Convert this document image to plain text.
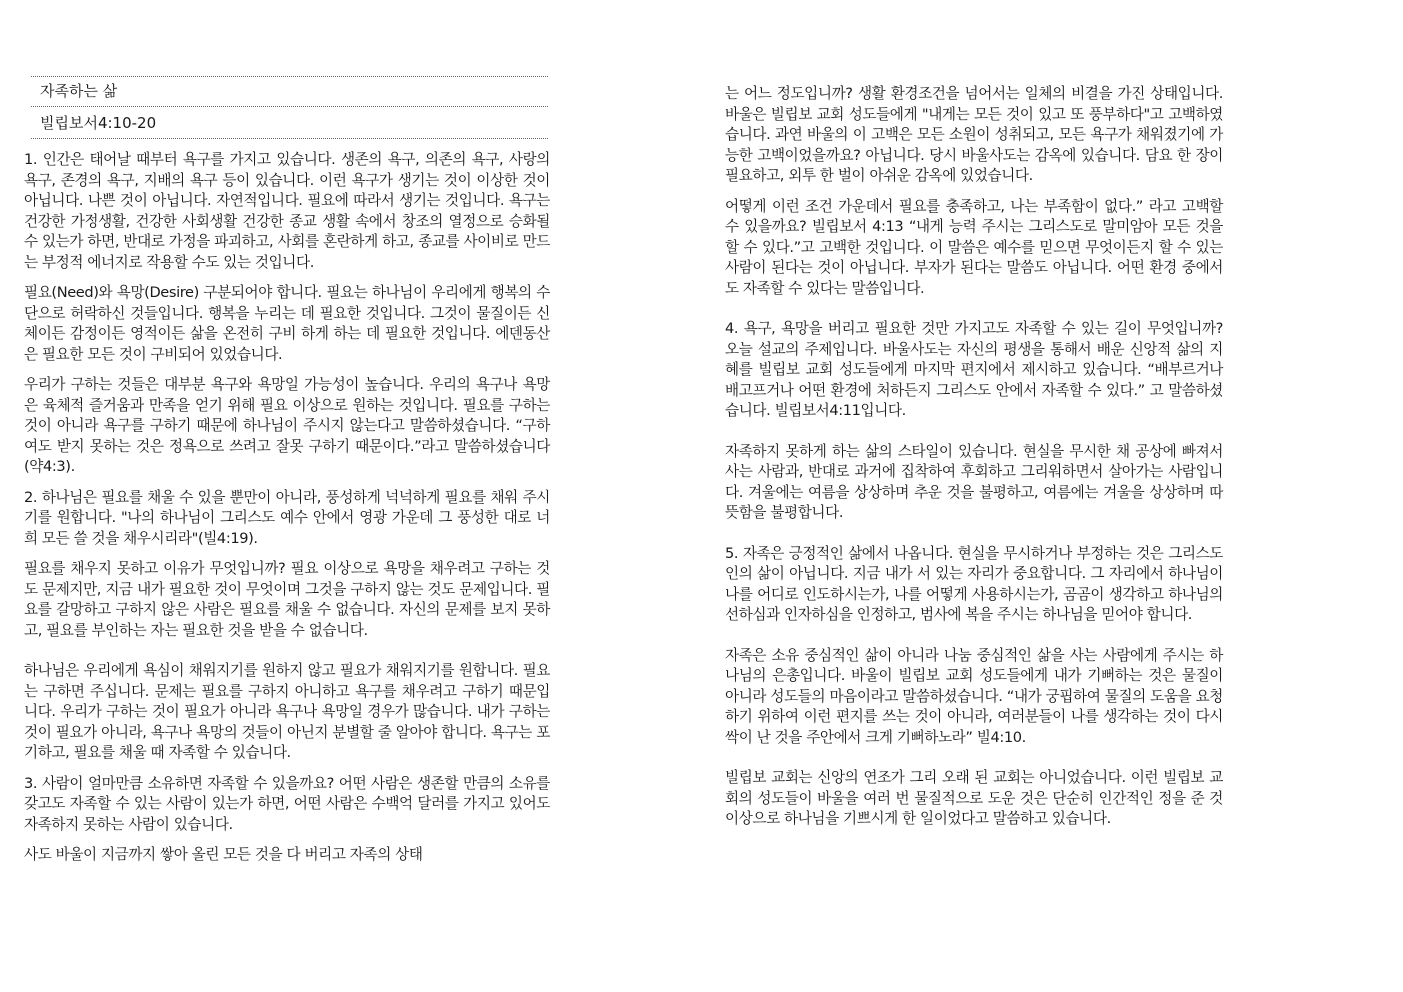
자족하는 삶
빌립보서4:10-20

1. 인간은 태어날 때부터 욕구를 가지고 있습니다. 생존의 욕구, 의존의 욕구, 사랑의 욕구, 존경의 욕구, 지배의 욕구 등이 있습니다. 이런 욕구가 생기는 것이 이상한 것이 아닙니다. 나쁜 것이 아닙니다. 자연적입니다. 필요에 따라서 생기는 것입니다. 욕구는 건강한 가정생활, 건강한 사회생활 건강한 종교 생활 속에서 창조의 열정으로 승화될 수 있는가 하면, 반대로 가정을 파괴하고, 사회를 혼란하게 하고, 종교를 사이비로 만드는 부정적 에너지로 작용할 수도 있는 것입니다.

필요(Need)와 욕망(Desire) 구분되어야 합니다. 필요는 하나님이 우리에게 행복의 수단으로 허락하신 것들입니다. 행복을 누리는 데 필요한 것입니다. 그것이 물질이든 신체이든 감정이든 영적이든 삶을 온전히 구비 하게 하는 데 필요한 것입니다. 에덴동산은 필요한 모든 것이 구비되어 있었습니다.

우리가 구하는 것들은 대부분 욕구와 욕망일 가능성이 높습니다. 우리의 욕구나 욕망은 육체적 즐거움과 만족을 얻기 위해 필요 이상으로 원하는 것입니다. 필요를 구하는 것이 아니라 욕구를 구하기 때문에 하나님이 주시지 않는다고 말씀하셨습니다. “구하여도 받지 못하는 것은 정욕으로 쓰려고 잘못 구하기 때문이다.”라고 말씀하셨습니다(약4:3).

2. 하나님은 필요를 채울 수 있을 뿐만이 아니라, 풍성하게 넉넉하게 필요를 채워 주시기를 원합니다. "나의 하나님이 그리스도 예수 안에서 영광 가운데 그 풍성한 대로 너희 모든 쓸 것을 채우시리라"(빌4:19).

필요를 채우지 못하고 이유가 무엇입니까? 필요 이상으로 욕망을 채우려고 구하는 것도 문제지만, 지금 내가 필요한 것이 무엇이며 그것을 구하지 않는 것도 문제입니다. 필요를 갈망하고 구하지 않은 사람은 필요를 채울 수 없습니다. 자신의 문제를 보지 못하고, 필요를 부인하는 자는 필요한 것을 받을 수 없습니다.

하나님은 우리에게 욕심이 채워지기를 원하지 않고 필요가 채워지기를 원합니다. 필요는 구하면 주십니다. 문제는 필요를 구하지 아니하고 욕구를 채우려고 구하기 때문입니다. 우리가 구하는 것이 필요가 아니라 욕구나 욕망일 경우가 많습니다. 내가 구하는 것이 필요가 아니라, 욕구나 욕망의 것들이 아닌지 분별할 줄 알아야 합니다. 욕구는 포기하고, 필요를 채울 때 자족할 수 있습니다.

3. 사람이 얼마만큼 소유하면 자족할 수 있을까요? 어떤 사람은 생존할 만큼의 소유를 갖고도 자족할 수 있는 사람이 있는가 하면, 어떤 사람은 수백억 달러를 가지고 있어도 자족하지 못하는 사람이 있습니다.

사도 바울이 지금까지 쌓아 올린 모든 것을 다 버리고 자족의 상태

는 어느 정도입니까? 생활 환경조건을 넘어서는 일체의 비결을 가진 상태입니다. 바울은 빌립보 교회 성도들에게 "내게는 모든 것이 있고 또 풍부하다"고 고백하였습니다. 과연 바울의 이 고백은 모든 소원이 성취되고, 모든 욕구가 채워졌기에 가능한 고백이었을까요? 아닙니다. 당시 바울사도는 감옥에 있습니다. 담요 한 장이 필요하고, 외투 한 벌이 아쉬운 감옥에 있었습니다.

어떻게 이런 조건 가운데서 필요를 충족하고, 나는 부족함이 없다.” 라고 고백할 수 있을까요? 빌립보서 4:13 “내게 능력 주시는 그리스도로 말미암아 모든 것을 할 수 있다.”고 고백한 것입니다. 이 말씀은 예수를 믿으면 무엇이든지 할 수 있는 사람이 된다는 것이 아닙니다. 부자가 된다는 말씀도 아닙니다. 어떤 환경 중에서도 자족할 수 있다는 말씀입니다.

4. 욕구, 욕망을 버리고 필요한 것만 가지고도 자족할 수 있는 길이 무엇입니까? 오늘 설교의 주제입니다. 바울사도는 자신의 평생을 통해서 배운 신앙적 삶의 지혜를 빌립보 교회 성도들에게 마지막 편지에서 제시하고 있습니다. “배부르거나 배고프거나 어떤 환경에 처하든지 그리스도 안에서 자족할 수 있다.” 고 말씀하셨습니다. 빌립보서4:11입니다.

자족하지 못하게 하는 삶의 스타일이 있습니다. 현실을 무시한 채 공상에 빠져서 사는 사람과, 반대로 과거에 집착하여 후회하고 그리워하면서 살아가는 사람입니다. 겨울에는 여름을 상상하며 추운 것을 불평하고, 여름에는 겨울을 상상하며 따뜻함을 불평합니다.

5. 자족은 긍정적인 삶에서 나옵니다. 현실을 무시하거나 부정하는 것은 그리스도인의 삶이 아닙니다. 지금 내가 서 있는 자리가 중요합니다. 그 자리에서 하나님이 나를 어디로 인도하시는가, 나를 어떻게 사용하시는가, 곰곰이 생각하고 하나님의 선하심과 인자하심을 인정하고, 범사에 복을 주시는 하나님을 믿어야 합니다.

자족은 소유 중심적인 삶이 아니라 나눔 중심적인 삶을 사는 사람에게 주시는 하나님의 은총입니다. 바울이 빌립보 교회 성도들에게 내가 기뻐하는 것은 물질이 아니라 성도들의 마음이라고 말씀하셨습니다. “내가 궁핍하여 물질의 도움을 요청하기 위하여 이런 편지를 쓰는 것이 아니라, 여러분들이 나를 생각하는 것이 다시 싹이 난 것을 주안에서 크게 기뻐하노라” 빌4:10.

빌립보 교회는 신앙의 연조가 그리 오래 된 교회는 아니었습니다. 이런 빌립보 교회의 성도들이 바울을 여러 번 물질적으로 도운 것은 단순히 인간적인 정을 준 것 이상으로 하나님을 기쁘시게 한 일이었다고 말씀하고 있습니다.
